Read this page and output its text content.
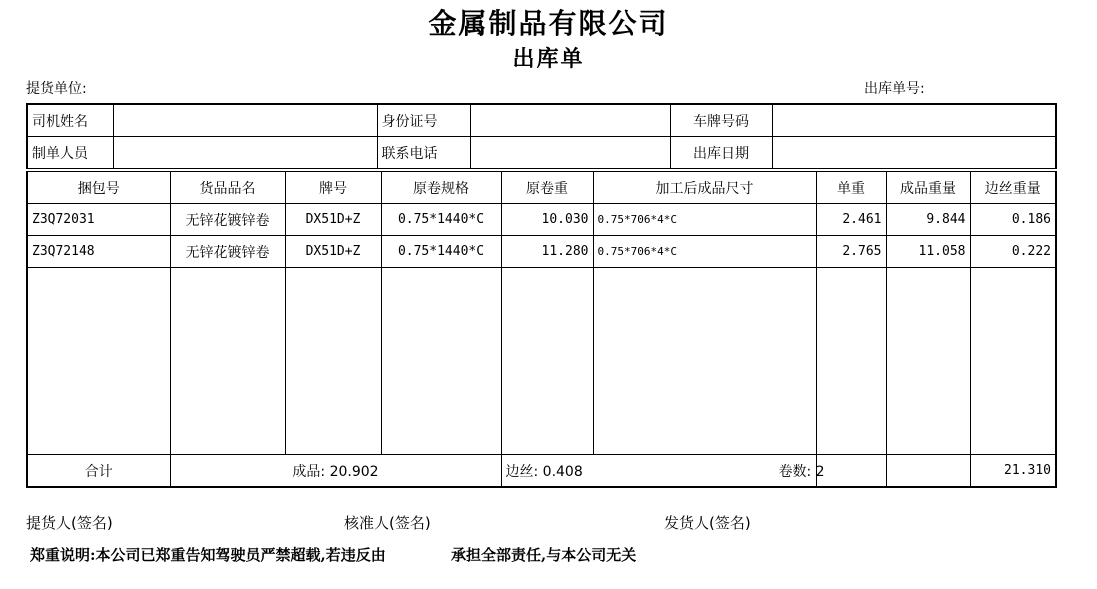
金属制品有限公司
出库单
提货单位:	出库单号:
司机姓名		身份证号		车牌号码	
制单人员		联系电话		出库日期	
捆包号	货品品名	牌号	原卷规格	原卷重	加工后成品尺寸	单重	成品重量	边丝重量
Z3Q72031	无锌花镀锌卷	DX51D+Z	0.75*1440*C	10.030	0.75*706*4*C	2.461	9.844	0.186
Z3Q72148	无锌花镀锌卷	DX51D+Z	0.75*1440*C	11.280	0.75*706*4*C	2.765	11.058	0.222

合计	成品: 20.902			边丝: 0.408		卷数: 2		21.310
提货人(签名)	核准人(签名)	发货人(签名)
郑重说明:本公司已郑重告知驾驶员严禁超载,若违反由	承担全部责任,与本公司无关
